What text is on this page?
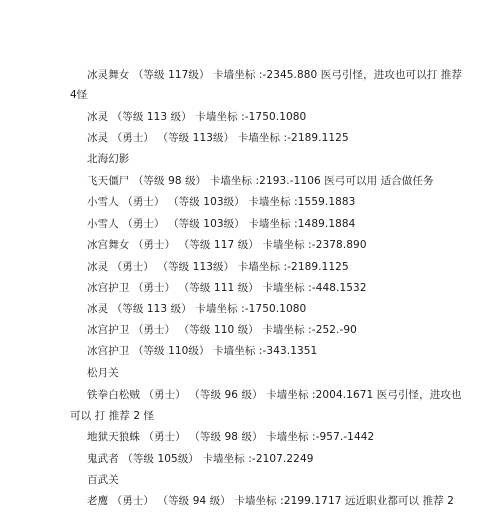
冰灵舞女 （等级 117级） 卡墙坐标 :-2345.880 医弓引怪，进攻也可以打 推荐
4怪
冰灵 （等级 113 级） 卡墙坐标 :-1750.1080
冰灵 （勇士） （等级 113级） 卡墙坐标 :-2189.1125
北海幻影
飞天僵尸 （等级 98 级） 卡墙坐标 :2193.-1106 医弓可以用 适合做任务
小雪人 （勇士） （等级 103级） 卡墙坐标 :1559.1883
小雪人 （勇士） （等级 103级） 卡墙坐标 :1489.1884
冰宫舞女 （勇士） （等级 117 级） 卡墙坐标 :-2378.890
冰灵 （勇士） （等级 113级） 卡墙坐标 :-2189.1125
冰宫护卫 （勇士） （等级 111 级） 卡墙坐标 :-448.1532
冰灵 （等级 113 级） 卡墙坐标 :-1750.1080
冰宫护卫 （勇士） （等级 110 级） 卡墙坐标 :-252.-90
冰宫护卫 （等级 110级） 卡墙坐标 :-343.1351
松月关
铁拳白松贼 （勇士） （等级 96 级） 卡墙坐标 :2004.1671 医弓引怪，进攻也
可以 打 推荐 2 怪
地狱天狼蛛 （勇士） （等级 98 级） 卡墙坐标 :-957.-1442
鬼武者 （等级 105级） 卡墙坐标 :-2107.2249
百武关
老鹰 （勇士） （等级 94 级） 卡墙坐标 :2199.1717 远近职业都可以 推荐 2
